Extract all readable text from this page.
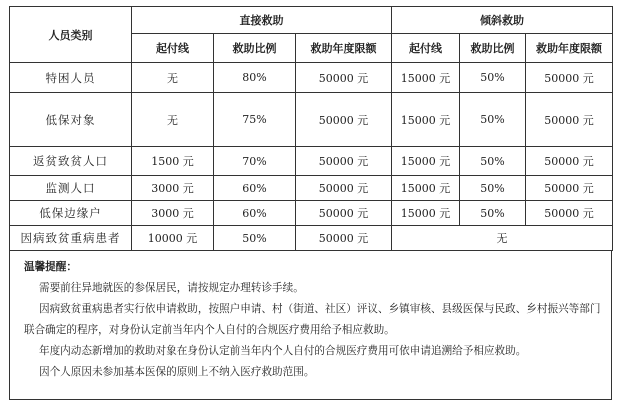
人员类别	直接救助			倾斜救助		
	起付线	救助比例	救助年度限额	起付线	救助比例	救助年度限额
特困人员	无	80%	50000 元	15000 元	50%	50000 元
低保对象	无	75%	50000 元	15000 元	50%	50000 元
返贫致贫人口	1500 元	70%	50000 元	15000 元	50%	50000 元
监测人口	3000 元	60%	50000 元	15000 元	50%	50000 元
低保边缘户	3000 元	60%	50000 元	15000 元	50%	50000 元
因病致贫重病患者	10000 元	50%	50000 元	无		
温馨提醒：

需要前往异地就医的参保居民，请按规定办理转诊手续。

因病致贫重病患者实行依申请救助，按照户申请、村（街道、社区）评议、乡镇审核、县级医保与民政、乡村振兴等部门联合确定的程序，对身份认定前当年内个人自付的合规医疗费用给予相应救助。

年度内动态新增加的救助对象在身份认定前当年内个人自付的合规医疗费用可依申请追溯给予相应救助。

因个人原因未参加基本医保的原则上不纳入医疗救助范围。
